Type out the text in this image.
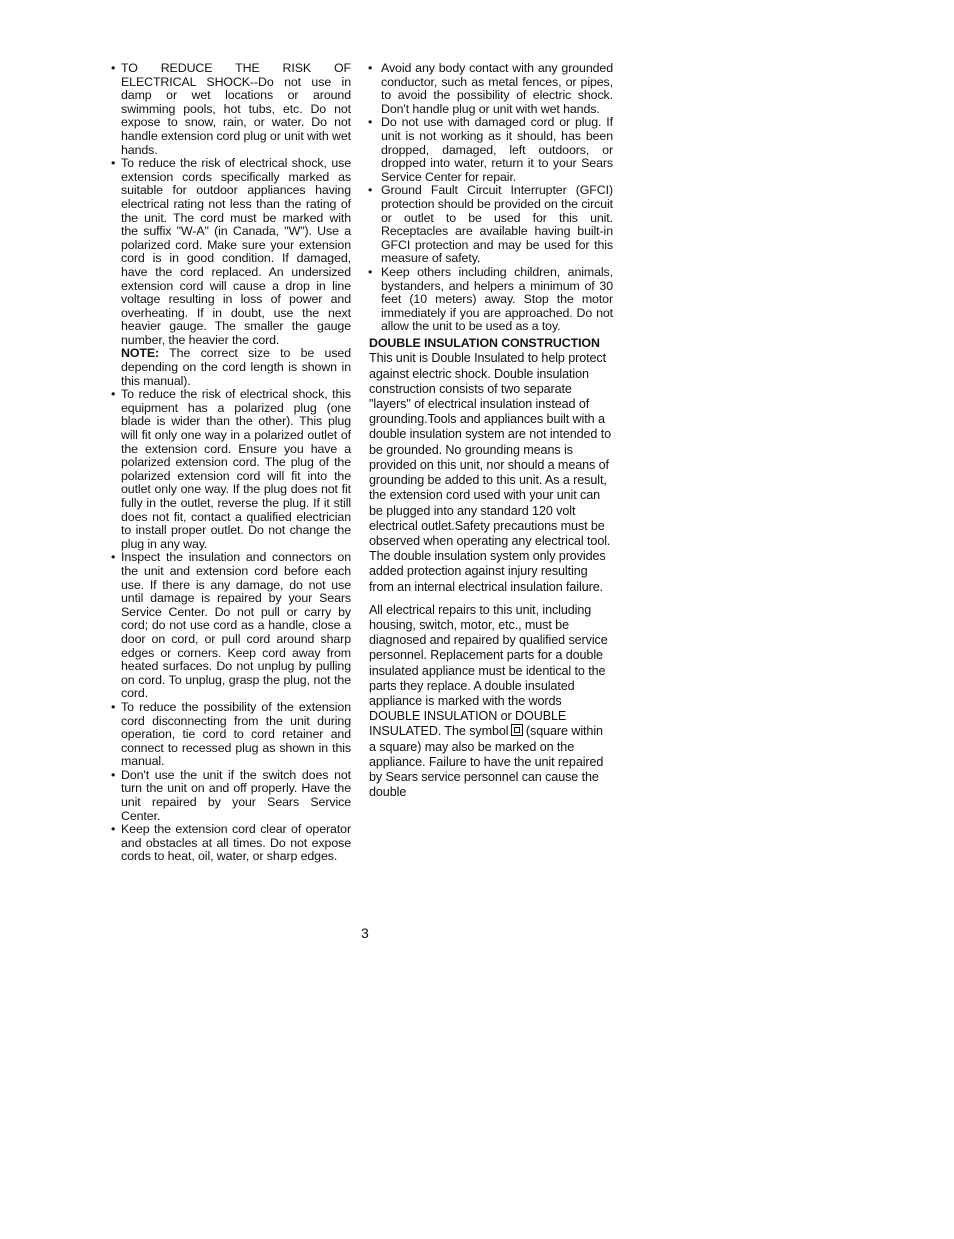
• TO REDUCE THE RISK OF ELECTRICAL SHOCK--Do not use in damp or wet locations or around swimming pools, hot tubs, etc. Do not expose to snow, rain, or water. Do not handle extension cord plug or unit with wet hands.
• To reduce the risk of electrical shock, use extension cords specifically marked as suitable for outdoor appliances having electrical rating not less than the rating of the unit. The cord must be marked with the suffix "W-A" (in Canada, "W"). Use a polarized cord. Make sure your extension cord is in good condition. If damaged, have the cord replaced. An undersized extension cord will cause a drop in line voltage resulting in loss of power and overheating. If in doubt, use the next heavier gauge. The smaller the gauge number, the heavier the cord.
NOTE: The correct size to be used depending on the cord length is shown in this manual).
• To reduce the risk of electrical shock, this equipment has a polarized plug (one blade is wider than the other). This plug will fit only one way in a polarized outlet of the extension cord. Ensure you have a polarized extension cord. The plug of the polarized extension cord will fit into the outlet only one way. If the plug does not fit fully in the outlet, reverse the plug. If it still does not fit, contact a qualified electrician to install proper outlet. Do not change the plug in any way.
• Inspect the insulation and connectors on the unit and extension cord before each use. If there is any damage, do not use until damage is repaired by your Sears Service Center. Do not pull or carry by cord; do not use cord as a handle, close a door on cord, or pull cord around sharp edges or corners. Keep cord away from heated surfaces. Do not unplug by pulling on cord. To unplug, grasp the plug, not the cord.
• To reduce the possibility of the extension cord disconnecting from the unit during operation, tie cord to cord retainer and connect to recessed plug as shown in this manual.
• Don't use the unit if the switch does not turn the unit on and off properly. Have the unit repaired by your Sears Service Center.
• Keep the extension cord clear of operator and obstacles at all times. Do not expose cords to heat, oil, water, or sharp edges.
• Avoid any body contact with any grounded conductor, such as metal fences, or pipes, to avoid the possibility of electric shock. Don't handle plug or unit with wet hands.
• Do not use with damaged cord or plug. If unit is not working as it should, has been dropped, damaged, left outdoors, or dropped into water, return it to your Sears Service Center for repair.
• Ground Fault Circuit Interrupter (GFCI) protection should be provided on the circuit or outlet to be used for this unit. Receptacles are available having built-in GFCI protection and may be used for this measure of safety.
• Keep others including children, animals, bystanders, and helpers a minimum of 30 feet (10 meters) away. Stop the motor immediately if you are approached. Do not allow the unit to be used as a toy.
DOUBLE INSULATION CONSTRUCTION

This unit is Double Insulated to help protect against electric shock. Double insulation construction consists of two separate "layers" of electrical insulation instead of grounding.Tools and appliances built with a double insulation system are not intended to be grounded. No grounding means is provided on this unit, nor should a means of grounding be added to this unit. As a result, the extension cord used with your unit can be plugged into any standard 120 volt electrical outlet.Safety precautions must be observed when operating any electrical tool. The double insulation system only provides added protection against injury resulting from an internal electrical insulation failure.

All electrical repairs to this unit, including housing, switch, motor, etc., must be diagnosed and repaired by qualified service personnel. Replacement parts for a double insulated appliance must be identical to the parts they replace. A double insulated appliance is marked with the words DOUBLE INSULATION or DOUBLE INSULATED. The symbol (square within a square) may also be marked on the appliance. Failure to have the unit repaired by Sears service personnel can cause the double

3
